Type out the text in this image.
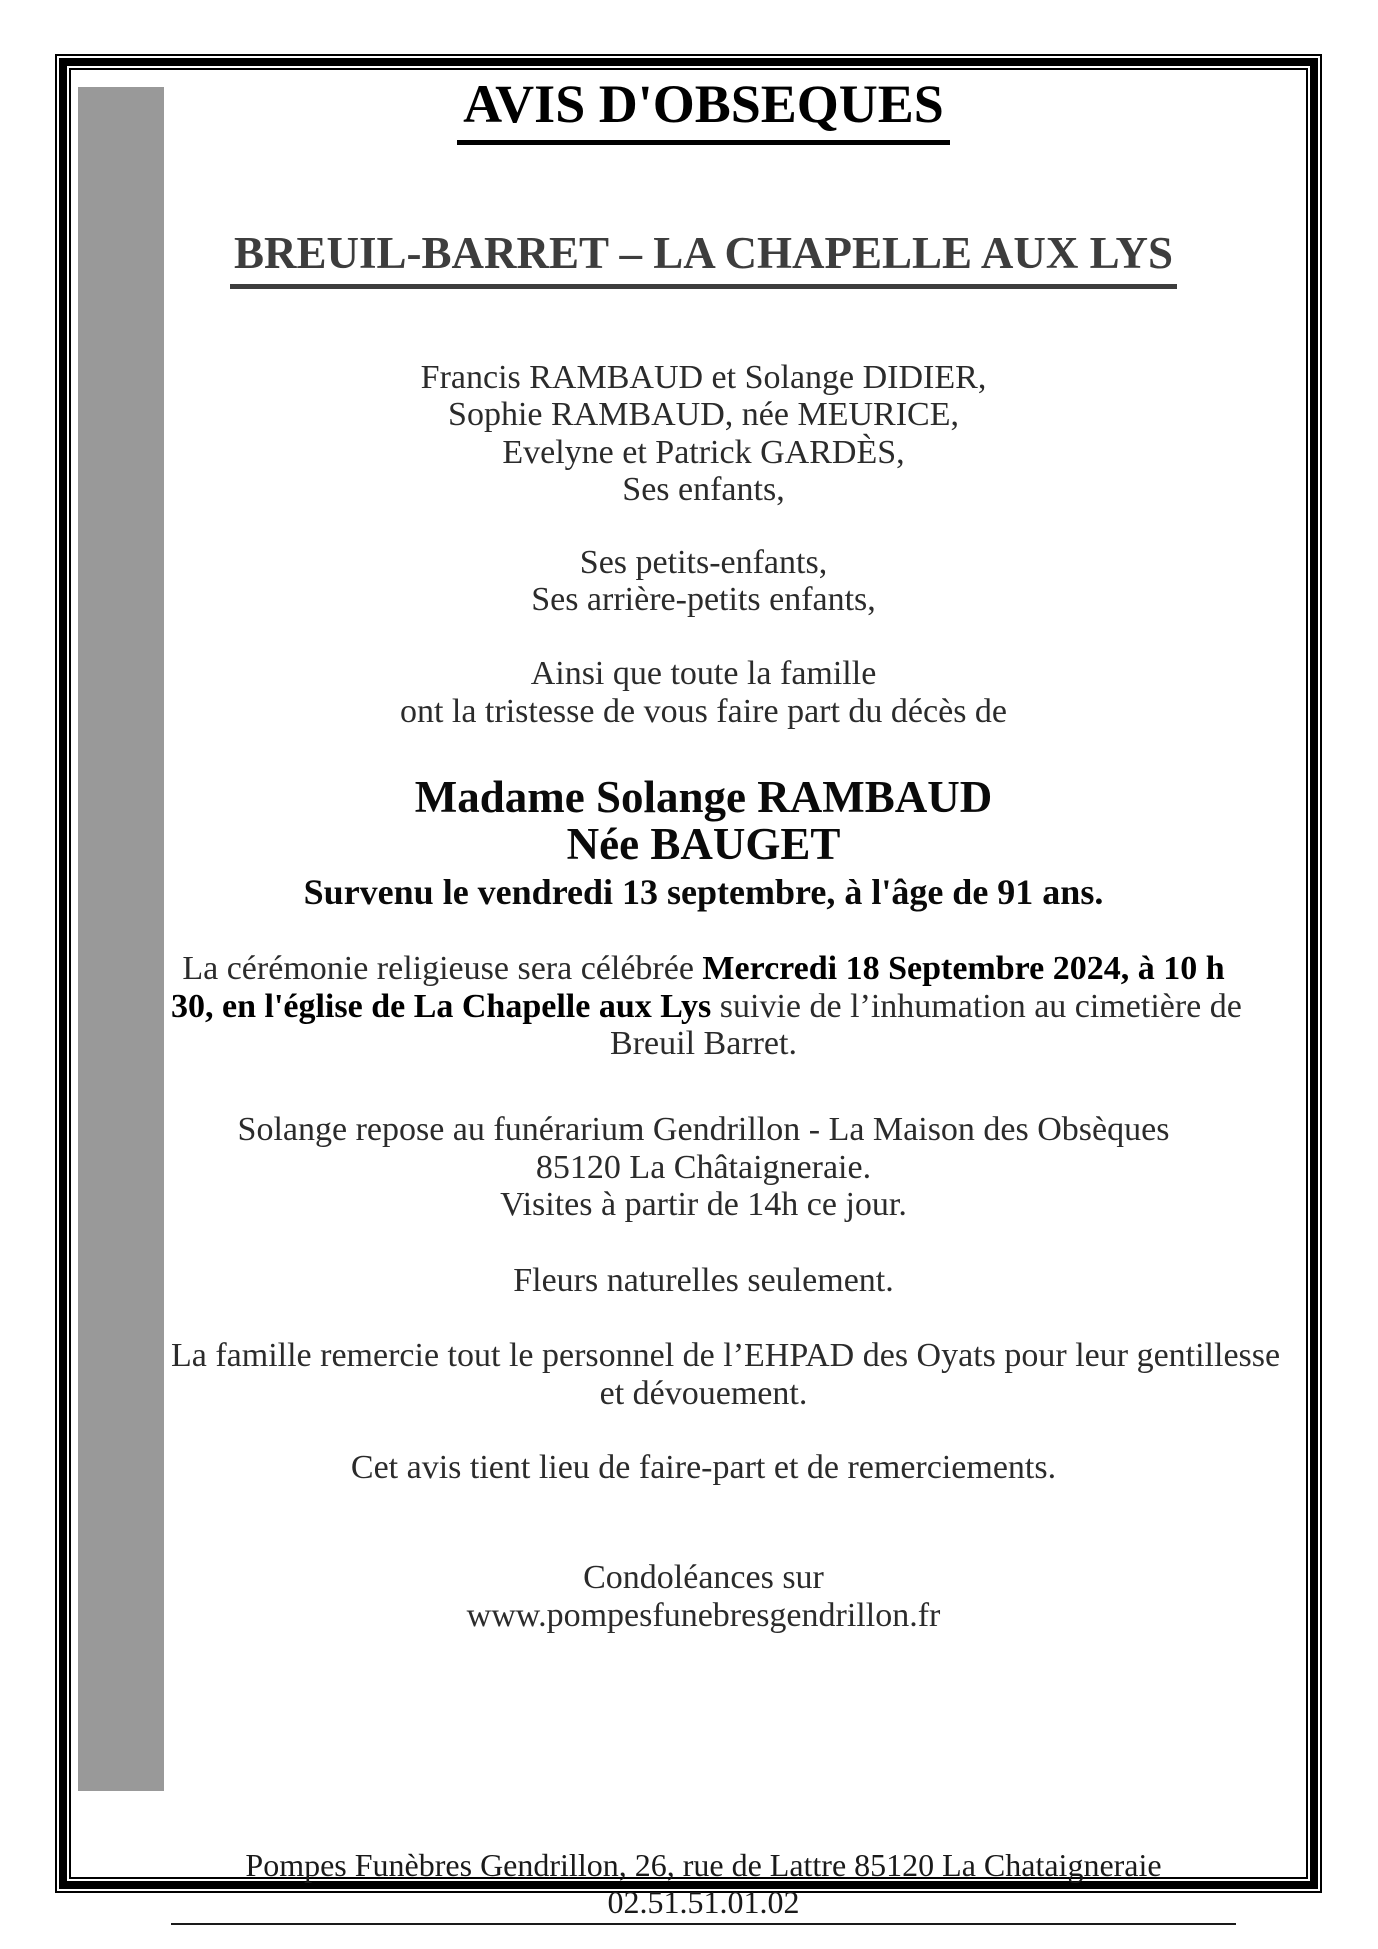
AVIS D'OBSEQUES
BREUIL-BARRET – LA CHAPELLE AUX LYS
Francis RAMBAUD et Solange DIDIER,
Sophie RAMBAUD, née MEURICE,
Evelyne et Patrick GARDÈS,
Ses enfants,
Ses petits-enfants,
Ses arrière-petits enfants,
Ainsi que toute la famille
ont la tristesse de vous faire part du décès de
Madame Solange RAMBAUD
Née BAUGET
Survenu le vendredi 13 septembre, à l'âge de 91 ans.
La cérémonie religieuse sera célébrée Mercredi 18 Septembre 2024, à 10 h
30, en l'église de La Chapelle aux Lys suivie de l’inhumation au cimetière de
Breuil Barret.
Solange repose au funérarium Gendrillon - La Maison des Obsèques
85120 La Châtaigneraie.
Visites à partir de 14h ce jour.
Fleurs naturelles seulement.
La famille remercie tout le personnel de l’EHPAD des Oyats pour leur gentillesse
et dévouement.
Cet avis tient lieu de faire-part et de remerciements.
Condoléances sur
www.pompesfunebresgendrillon.fr
Pompes Funèbres Gendrillon, 26, rue de Lattre 85120 La Chataigneraie 02.51.51.01.02
